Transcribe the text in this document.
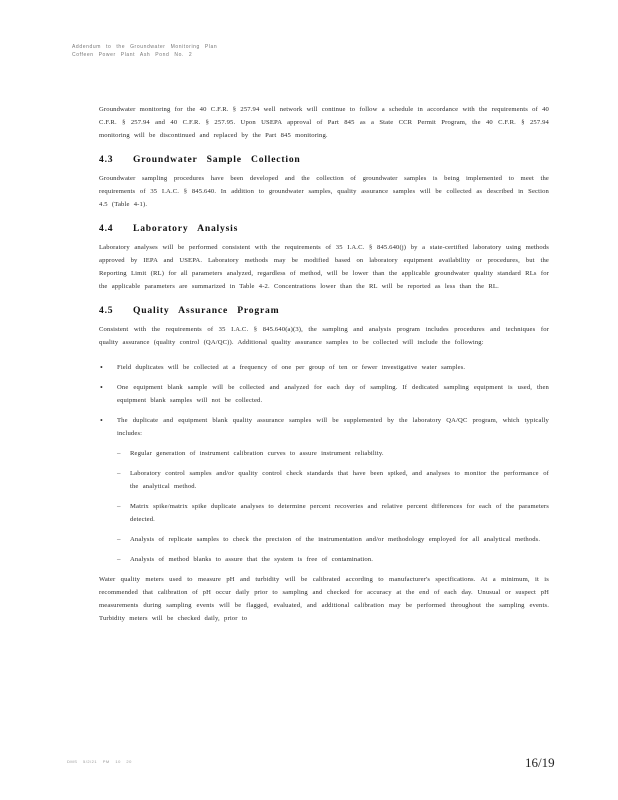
Addendum to the Groundwater Monitoring Plan
Coffeen Power Plant Ash Pond No. 2

Groundwater monitoring for the 40 C.F.R. § 257.94 well network will continue to follow a schedule in accordance with the requirements of 40 C.F.R. § 257.94 and 40 C.F.R. § 257.95. Upon USEPA approval of Part 845 as a State CCR Permit Program, the 40 C.F.R. § 257.94 monitoring will be discontinued and replaced by the Part 845 monitoring.

4.3 Groundwater Sample Collection

Groundwater sampling procedures have been developed and the collection of groundwater samples is being implemented to meet the requirements of 35 I.A.C. § 845.640. In addition to groundwater samples, quality assurance samples will be collected as described in Section 4.5 (Table 4-1).

4.4 Laboratory Analysis

Laboratory analyses will be performed consistent with the requirements of 35 I.A.C. § 845.640(j) by a state-certified laboratory using methods approved by IEPA and USEPA. Laboratory methods may be modified based on laboratory equipment availability or procedures, but the Reporting Limit (RL) for all parameters analyzed, regardless of method, will be lower than the applicable groundwater quality standard RLs for the applicable parameters are summarized in Table 4-2. Concentrations lower than the RL will be reported as less than the RL.

4.5 Quality Assurance Program

Consistent with the requirements of 35 I.A.C. § 845.640(a)(3), the sampling and analysis program includes procedures and techniques for quality assurance (quality control (QA/QC)). Additional quality assurance samples to be collected will include the following:

• Field duplicates will be collected at a frequency of one per group of ten or fewer investigative water samples.
• One equipment blank sample will be collected and analyzed for each day of sampling. If dedicated sampling equipment is used, then equipment blank samples will not be collected.
• The duplicate and equipment blank quality assurance samples will be supplemented by the laboratory QA/QC program, which typically includes:
– Regular generation of instrument calibration curves to assure instrument reliability.
– Laboratory control samples and/or quality control check standards that have been spiked, and analyses to monitor the performance of the analytical method.
– Matrix spike/matrix spike duplicate analyses to determine percent recoveries and relative percent differences for each of the parameters detected.
– Analysis of replicate samples to check the precision of the instrumentation and/or methodology employed for all analytical methods.
– Analysis of method blanks to assure that the system is free of contamination.

Water quality meters used to measure pH and turbidity will be calibrated according to manufacturer's specifications. At a minimum, it is recommended that calibration of pH occur daily prior to sampling and checked for accuracy at the end of each day. Unusual or suspect pH measurements during sampling events will be flagged, evaluated, and additional calibration may be performed throughout the sampling events. Turbidity meters will be checked daily, prior to

DMS 5/2/21 PM 10 20	16/19
